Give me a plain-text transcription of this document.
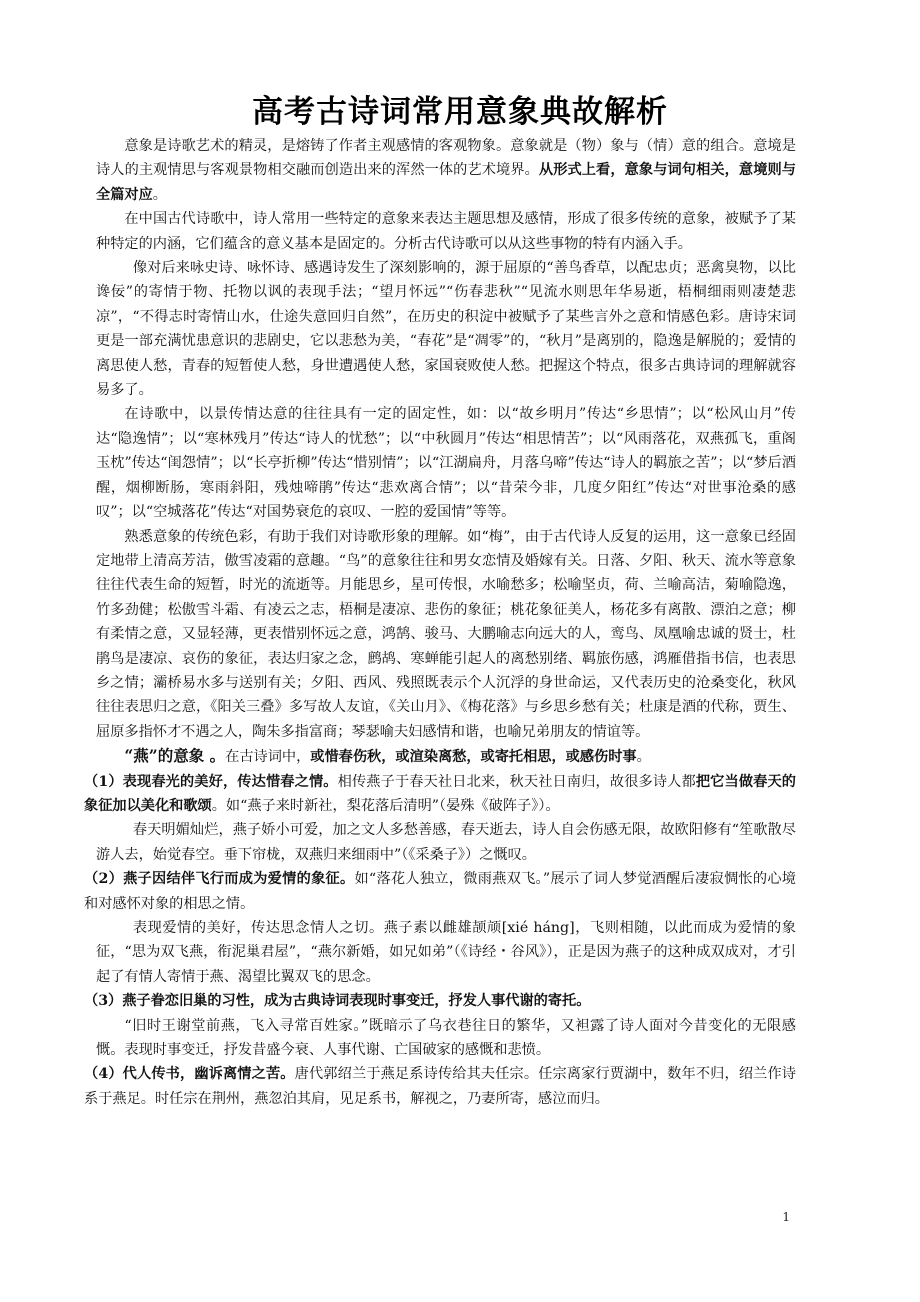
高考古诗词常用意象典故解析

意象是诗歌艺术的精灵，是熔铸了作者主观感情的客观物象。意象就是（物）象与（情）意的组合。意境是诗人的主观情思与客观景物相交融而创造出来的浑然一体的艺术境界。从形式上看，意象与词句相关，意境则与全篇对应。

在中国古代诗歌中，诗人常用一些特定的意象来表达主题思想及感情，形成了很多传统的意象，被赋予了某种特定的内涵，它们蕴含的意义基本是固定的。分析古代诗歌可以从这些事物的特有内涵入手。

像对后来咏史诗、咏怀诗、感遇诗发生了深刻影响的，源于屈原的“善鸟香草，以配忠贞；恶禽臭物，以比谗佞”的寄情于物、托物以讽的表现手法；“望月怀远”“伤春悲秋”“见流水则思年华易逝，梧桐细雨则凄楚悲凉”，“不得志时寄情山水，仕途失意回归自然”，在历史的积淀中被赋予了某些言外之意和情感色彩。唐诗宋词更是一部充满忧患意识的悲剧史，它以悲愁为美，“春花”是“凋零”的，“秋月”是离别的，隐逸是解脱的；爱情的离思使人愁，青春的短暂使人愁，身世遭遇使人愁，家国衰败使人愁。把握这个特点，很多古典诗词的理解就容易多了。

在诗歌中，以景传情达意的往往具有一定的固定性，如：以“故乡明月”传达“乡思情”；以“松风山月”传达“隐逸情”；以“寒林残月”传达“诗人的忧愁”；以“中秋圆月”传达“相思情苦”；以“风雨落花，双燕孤飞，重阁玉枕”传达“闺怨情”；以“长亭折柳”传达“惜别情”；以“江湖扁舟，月落乌啼”传达“诗人的羁旅之苦”；以“梦后酒醒，烟柳断肠，寒雨斜阳，残烛啼鹃”传达“悲欢离合情”；以“昔荣今非，几度夕阳红”传达“对世事沧桑的感叹”；以“空城落花”传达“对国势衰危的哀叹、一腔的爱国情”等等。

熟悉意象的传统色彩，有助于我们对诗歌形象的理解。如“梅”，由于古代诗人反复的运用，这一意象已经固定地带上清高芳洁，傲雪凌霜的意趣。“鸟”的意象往往和男女恋情及婚嫁有关。日落、夕阳、秋天、流水等意象往往代表生命的短暂，时光的流逝等。月能思乡，星可传恨，水喻愁多；松喻坚贞，荷、兰喻高洁，菊喻隐逸，竹多劲健；松傲雪斗霜、有凌云之志，梧桐是凄凉、悲伤的象征；桃花象征美人，杨花多有离散、漂泊之意；柳有柔情之意，又显轻薄，更表惜别怀远之意，鸿鹄、骏马、大鹏喻志向远大的人，鸾鸟、凤凰喻忠诚的贤士，杜鹃鸟是凄凉、哀伤的象征，表达归家之念，鹧鸪、寒蝉能引起人的离愁别绪、羁旅伤感，鸿雁借指书信，也表思乡之情；灞桥易水多与送别有关；夕阳、西风、残照既表示个人沉浮的身世命运，又代表历史的沧桑变化，秋风往往表思归之意，《阳关三叠》多写故人友谊，《关山月》、《梅花落》与乡思乡愁有关；杜康是酒的代称，贾生、屈原多指怀才不遇之人，陶朱多指富商；琴瑟喻夫妇感情和谐，也喻兄弟朋友的情谊等。

“燕”的意象 。在古诗词中，或惜春伤秋，或渲染离愁，或寄托相思，或感伤时事。

（1）表现春光的美好，传达惜春之情。相传燕子于春天社日北来，秋天社日南归，故很多诗人都把它当做春天的象征加以美化和歌颂。如“燕子来时新社，梨花落后清明”（晏殊《破阵子》）。

春天明媚灿烂，燕子娇小可爱，加之文人多愁善感，春天逝去，诗人自会伤感无限，故欧阳修有“笙歌散尽游人去，始觉春空。垂下帘栊，双燕归来细雨中”（《采桑子》）之慨叹。

（2）燕子因结伴飞行而成为爱情的象征。如“落花人独立，微雨燕双飞。”展示了词人梦觉酒醒后凄寂惆怅的心境和对感怀对象的相思之情。

表现爱情的美好，传达思念情人之切。燕子素以雌雄颉颃[xié háng]，飞则相随，以此而成为爱情的象征，“思为双飞燕，衔泥巢君屋”，“燕尔新婚，如兄如弟”（《诗经・谷风》），正是因为燕子的这种成双成对，才引起了有情人寄情于燕、渴望比翼双飞的思念。

（3）燕子眷恋旧巢的习性，成为古典诗词表现时事变迁，抒发人事代谢的寄托。

“旧时王谢堂前燕，飞入寻常百姓家。”既暗示了乌衣巷往日的繁华，又袒露了诗人面对今昔变化的无限感慨。表现时事变迁，抒发昔盛今衰、人事代谢、亡国破家的感慨和悲愤。

（4）代人传书，幽诉离情之苦。唐代郭绍兰于燕足系诗传给其夫任宗。任宗离家行贾湖中，数年不归，绍兰作诗系于燕足。时任宗在荆州，燕忽泊其肩，见足系书，解视之，乃妻所寄，感泣而归。

1
